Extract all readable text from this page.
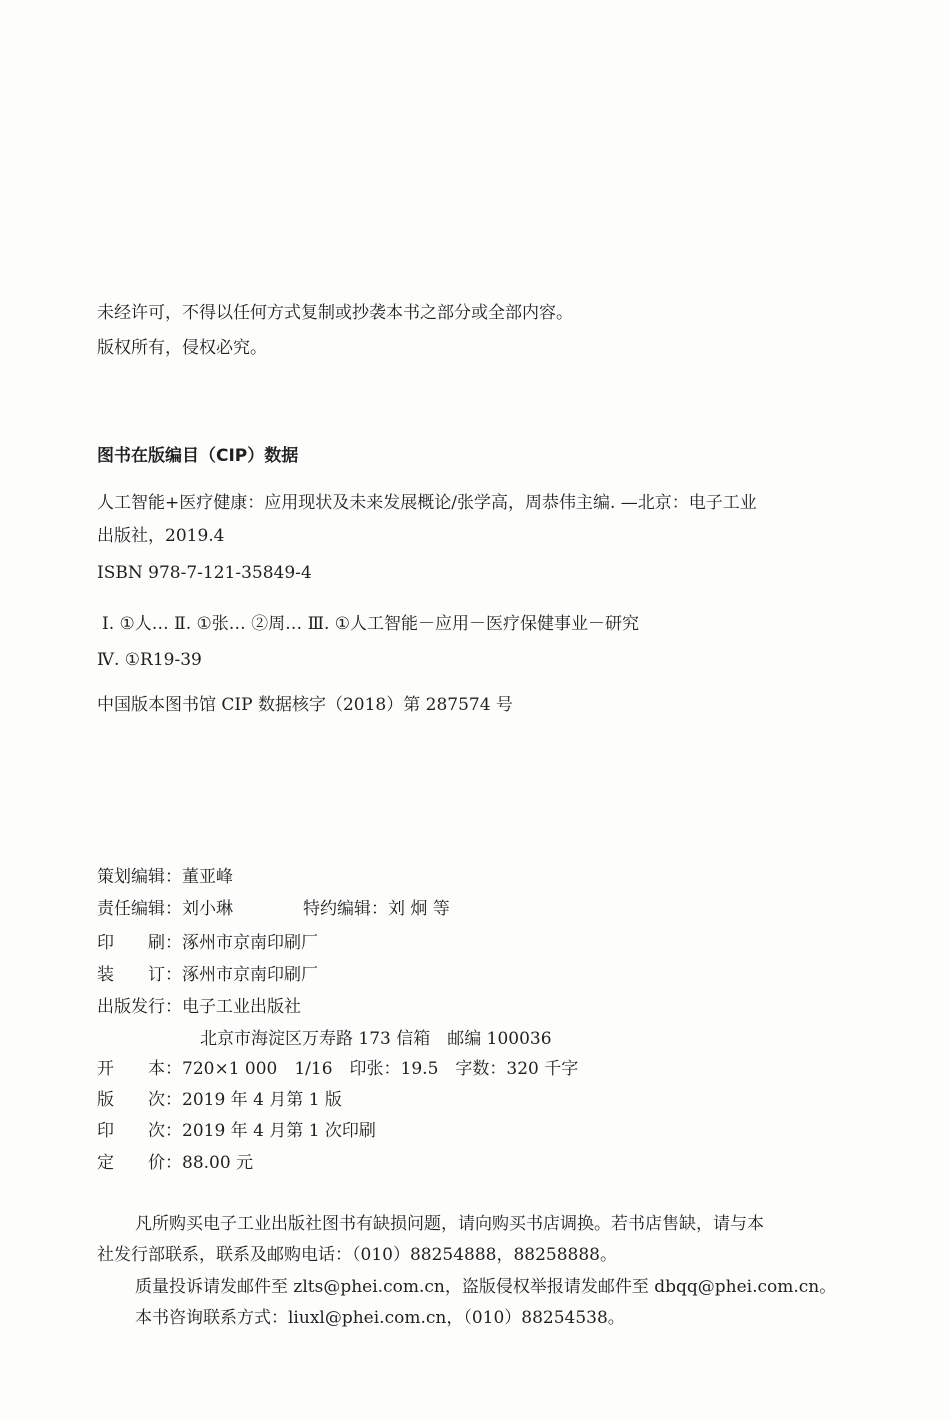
未经许可，不得以任何方式复制或抄袭本书之部分或全部内容。
版权所有，侵权必究。
图书在版编目（CIP）数据
人工智能+医疗健康：应用现状及未来发展概论/张学高，周恭伟主编. —北京：电子工业
出版社，2019.4
ISBN 978-7-121-35849-4
Ⅰ. ①人… Ⅱ. ①张… ②周… Ⅲ. ①人工智能－应用－医疗保健事业－研究
Ⅳ. ①R19-39
中国版本图书馆 CIP 数据核字（2018）第 287574 号
策划编辑：董亚峰
责任编辑：刘小琳	特约编辑：刘 炯 等
印　　刷：涿州市京南印刷厂
装　　订：涿州市京南印刷厂
出版发行：电子工业出版社
北京市海淀区万寿路 173 信箱　邮编 100036
开　　本：720×1 000　1/16　印张：19.5　字数：320 千字
版　　次：2019 年 4 月第 1 版
印　　次：2019 年 4 月第 1 次印刷
定　　价：88.00 元
凡所购买电子工业出版社图书有缺损问题，请向购买书店调换。若书店售缺，请与本
社发行部联系，联系及邮购电话：（010）88254888，88258888。
质量投诉请发邮件至 zlts@phei.com.cn，盗版侵权举报请发邮件至 dbqq@phei.com.cn。
本书咨询联系方式：liuxl@phei.com.cn，（010）88254538。
